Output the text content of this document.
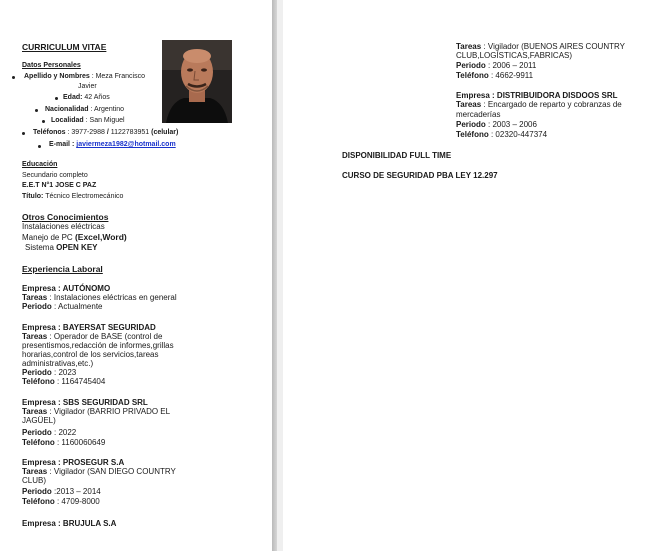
CURRICULUM VITAE
Datos Personales
Apellido y Nombres : Meza Francisco
Javier
Edad: 42 Años
Nacionalidad : Argentino
Localidad : San Miguel
Teléfonos : 3977-2988 / 1122783951 (celular)
E-mail : javiermeza1982@hotmail.com
Educación
Secundario completo
E.E.T N°1 JOSE C PAZ
Título: Técnico Electromecánico
Otros Conocimientos
Instalaciones eléctricas
Manejo de PC (Excel,Word)
Sistema OPEN KEY
Experiencia Laboral
Empresa : AUTÓNOMO
Tareas : Instalaciones eléctricas en general
Periodo : Actualmente
Empresa : BAYERSAT SEGURIDAD
Tareas : Operador de BASE (control de
presentismos,redacción de informes,grillas
horarias,control de los servicios,tareas
administrativas,etc.)
Periodo : 2023
Teléfono : 1164745404
Empresa : SBS SEGURIDAD SRL
Tareas : Vigilador (BARRIO PRIVADO EL
JAGÜEL)
Periodo : 2022
Teléfono : 1160060649
Empresa : PROSEGUR S.A
Tareas : Vigilador (SAN DIEGO COUNTRY
CLUB)
Periodo :2013 – 2014
Teléfono : 4709-8000
Empresa : BRUJULA S.A
Tareas : Vigilador (BUENOS AIRES COUNTRY
CLUB,LOGÍSTICAS,FABRICAS)
Periodo : 2006 – 2011
Teléfono : 4662-9911
Empresa : DISTRIBUIDORA DISDOOS SRL
Tareas : Encargado de reparto y cobranzas de
mercaderías
Periodo : 2003 – 2006
Teléfono : 02320-447374
DISPONIBILIDAD FULL TIME
CURSO DE SEGURIDAD PBA LEY 12.297
